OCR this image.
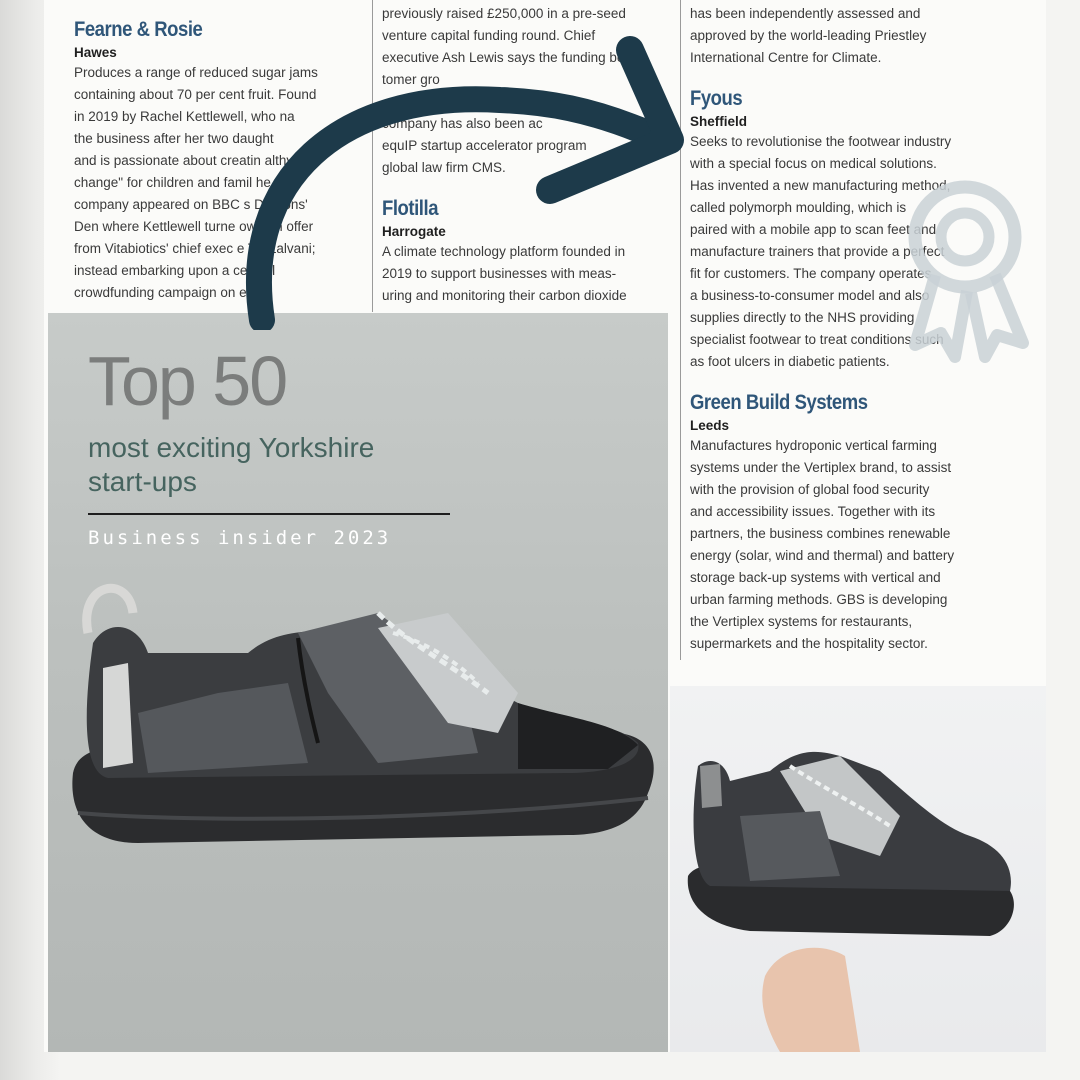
Fearne & Rosie
Hawes
Produces a range of reduced sugar jams
containing about 70 per cent fruit. Found
in 2019 by Rachel Kettlewell, who na
the business after her two daught
and is passionate about creatin althy
change" for children and famil he
company appeared on BBC s Dragons'
Den where Kettlewell turne own an offer
from Vitabiotics' chief exec e Tej Lalvani;
instead embarking upon a cessful
crowdfunding campaign on eeds.
previously raised £250,000 in a pre-seed
venture capital funding round. Chief
executive Ash Lewis says the funding be
tomer gro

company has also been ac
equIP startup accelerator program
global law firm CMS.
Flotilla
Harrogate
A climate technology platform founded in
2019 to support businesses with meas-
uring and monitoring their carbon dioxide
has been independently assessed and
approved by the world-leading Priestley
International Centre for Climate.
Fyous
Sheffield
Seeks to revolutionise the footwear industry
with a special focus on medical solutions.
Has invented a new manufacturing method,
called polymorph moulding, which is
paired with a mobile app to scan feet and
manufacture trainers that provide a perfect
fit for customers. The company operates
a business-to-consumer model and also
supplies directly to the NHS providing
specialist footwear to treat conditions such
as foot ulcers in diabetic patients.
Green Build Systems
Leeds
Manufactures hydroponic vertical farming
systems under the Vertiplex brand, to assist
with the provision of global food security
and accessibility issues. Together with its
partners, the business combines renewable
energy (solar, wind and thermal) and battery
storage back-up systems with vertical and
urban farming methods. GBS is developing
the Vertiplex systems for restaurants,
supermarkets and the hospitality sector.
Top 50
most exciting Yorkshire
start-ups
Business insider 2023
